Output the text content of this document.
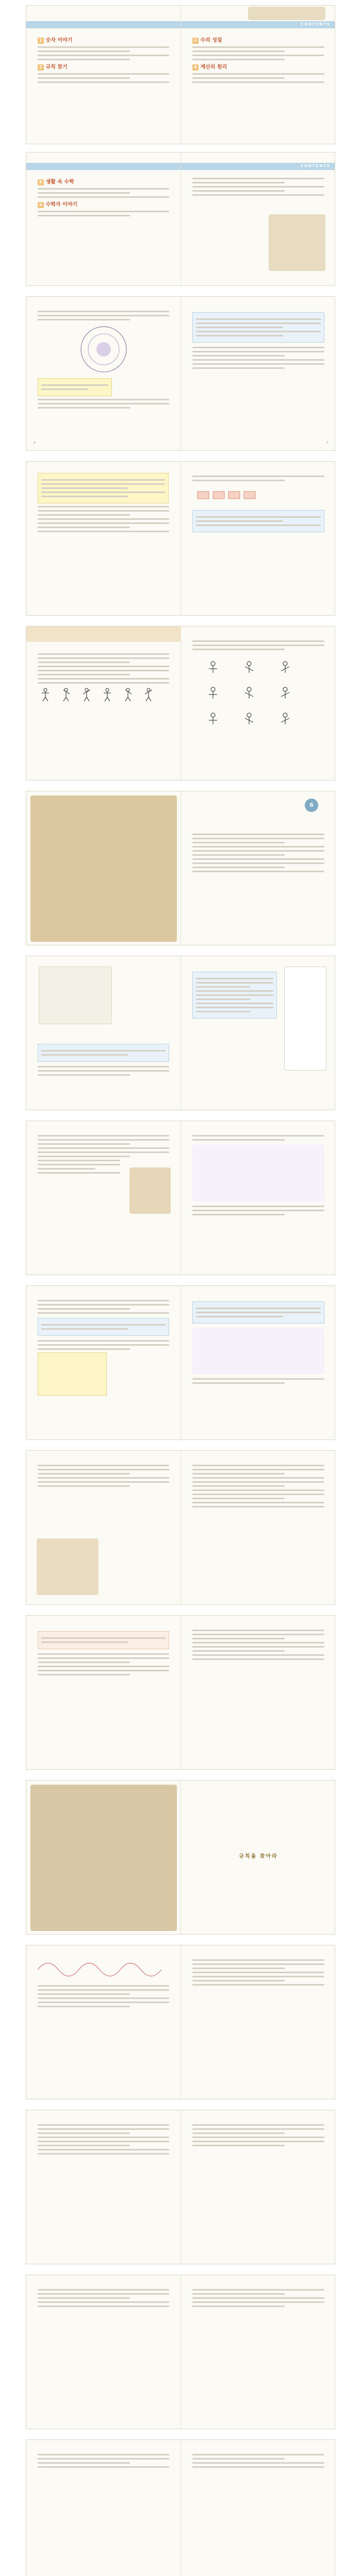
CONTENTS
1 숫자 이야기
2 규칙 찾기
3 수의 성질
4 계산의 원리
CONTENTS
5 생활 속 수학
6 수학자 이야기
4	5
6
규칙을 찾아라
